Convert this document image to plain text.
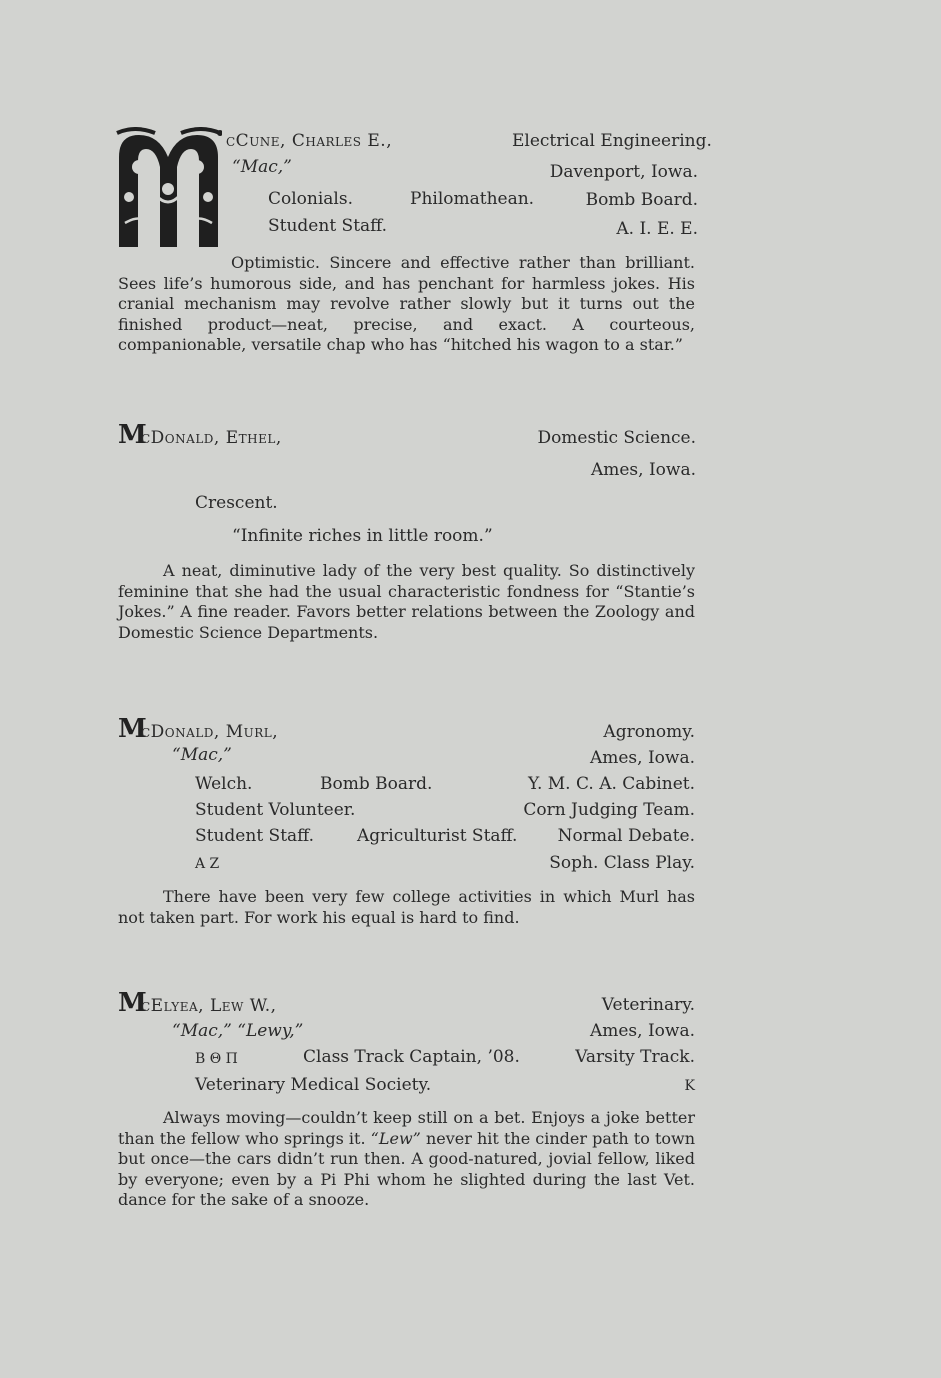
cCune, Charles E.,	Electrical Engineering.
“Mac,”	Davenport, Iowa.
Colonials.	Philomathean.	Bomb Board.
Student Staff.	A. I. E. E.
Optimistic. Sincere and effective rather than brilliant. Sees life’s humorous side, and has penchant for harmless jokes. His cranial mechanism may revolve rather slowly but it turns out the finished product—neat, precise, and exact. A courteous, companionable, versatile chap who has “hitched his wagon to a star.”
M
cDonald, Ethel,	Domestic Science.
Ames, Iowa.
Crescent.
“Infinite riches in little room.”
A neat, diminutive lady of the very best quality. So distinctively feminine that she had the usual characteristic fondness for “Stantie’s Jokes.” A fine reader. Favors better relations between the Zoology and Domestic Science Departments.
M
cDonald, Murl,	Agronomy.
“Mac,”	Ames, Iowa.
Welch.	Bomb Board.	Y. M. C. A. Cabinet.
Student Volunteer.	Corn Judging Team.
Student Staff.	Agriculturist Staff.	Normal Debate.
A Z	Soph. Class Play.
There have been very few college activities in which Murl has not taken part. For work his equal is hard to find.
M
cElyea, Lew W.,	Veterinary.
“Mac,” “Lewy,”	Ames, Iowa.
B Θ Π	Class Track Captain, ’08.	Varsity Track.
Veterinary Medical Society.	K
Always moving—couldn’t keep still on a bet. Enjoys a joke better than the fellow who springs it. “Lew” never hit the cinder path to town but once—the cars didn’t run then. A good-natured, jovial fellow, liked by everyone; even by a Pi Phi whom he slighted during the last Vet. dance for the sake of a snooze.
